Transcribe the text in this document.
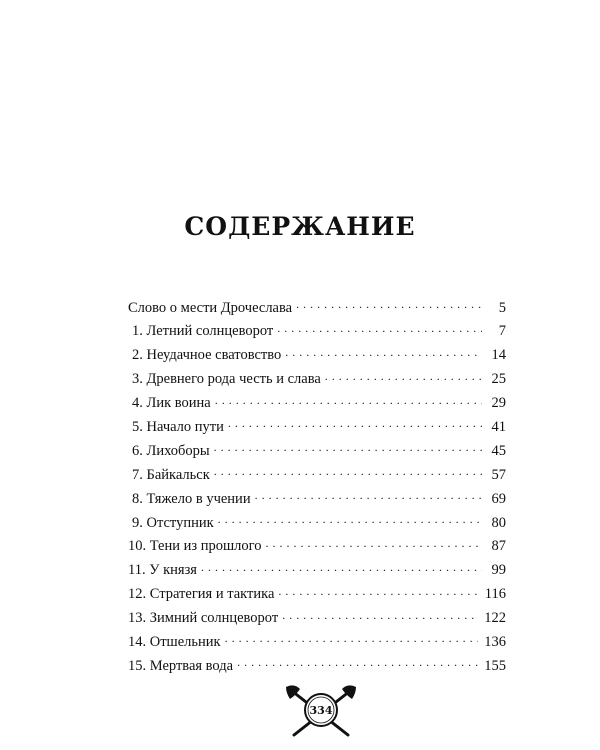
СОДЕРЖАНИЕ
Слово о мести Дрочеслава . . .	5
1. Летний солнцеворот . . .	7
2. Неудачное сватовство . . .	14
3. Древнего рода честь и слава . . .	25
4. Лик воина . . .	29
5. Начало пути . . .	41
6. Лихоборы . . .	45
7. Байкальск . . .	57
8. Тяжело в учении . . .	69
9. Отступник . . .	80
10. Тени из прошлого . . .	87
11. У князя . . .	99
12. Стратегия и тактика . . .	116
13. Зимний солнцеворот . . .	122
14. Отшельник . . .	136
15. Мертвая вода . . .	155
334
